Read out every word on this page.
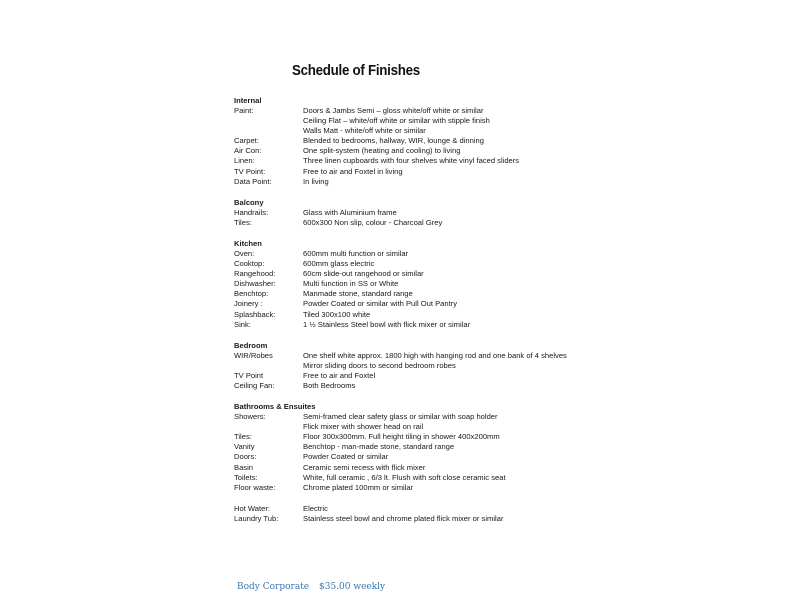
Schedule of Finishes
Internal
Paint:	Doors & Jambs Semi – gloss white/off white or similar
Ceiling Flat – white/off white or similar with stipple finish
Walls Matt - white/off white or similar
Carpet:	Blended to bedrooms, hallway, WIR, lounge & dinning
Air Con:	One split-system (heating and cooling) to living
Linen:	Three linen cupboards with four shelves white vinyl faced sliders
TV Point:	Free to air and Foxtel in living
Data Point:	In living
Balcony
Handrails:	Glass with Aluminium frame
Tiles:	600x300 Non slip, colour - Charcoal Grey
Kitchen
Oven:	600mm multi function or similar
Cooktop:	600mm glass electric
Rangehood:	60cm slide-out rangehood or similar
Dishwasher:	Multi function in SS or White
Benchtop:	Manmade stone, standard range
Joinery :	Powder Coated or similar with Pull Out Pantry
Splashback:	Tiled 300x100 white
Sink:	1 ½ Stainless Steel bowl with flick mixer or similar
Bedroom
WIR/Robes	One shelf white approx. 1800 high with hanging rod and one bank of 4 shelves
Mirror sliding doors to second bedroom robes
TV Point	Free to air and Foxtel
Ceiling Fan:	Both Bedrooms
Bathrooms & Ensuites
Showers:	Semi-framed clear safety glass or similar with soap holder
Flick mixer with shower head on rail
Tiles:	Floor 300x300mm. Full height tiling in shower 400x200mm
Vanity	Benchtop - man-made stone, standard range
Doors:	Powder Coated or similar
Basin	Ceramic semi recess with flick mixer
Toilets:	White, full ceramic , 6/3 lt. Flush with soft close ceramic seat
Floor waste:	Chrome plated 100mm or similar
Hot Water:	Electric
Laundry Tub:	Stainless steel bowl and chrome plated flick mixer or similar
Body Corporate $35.00 weekly
